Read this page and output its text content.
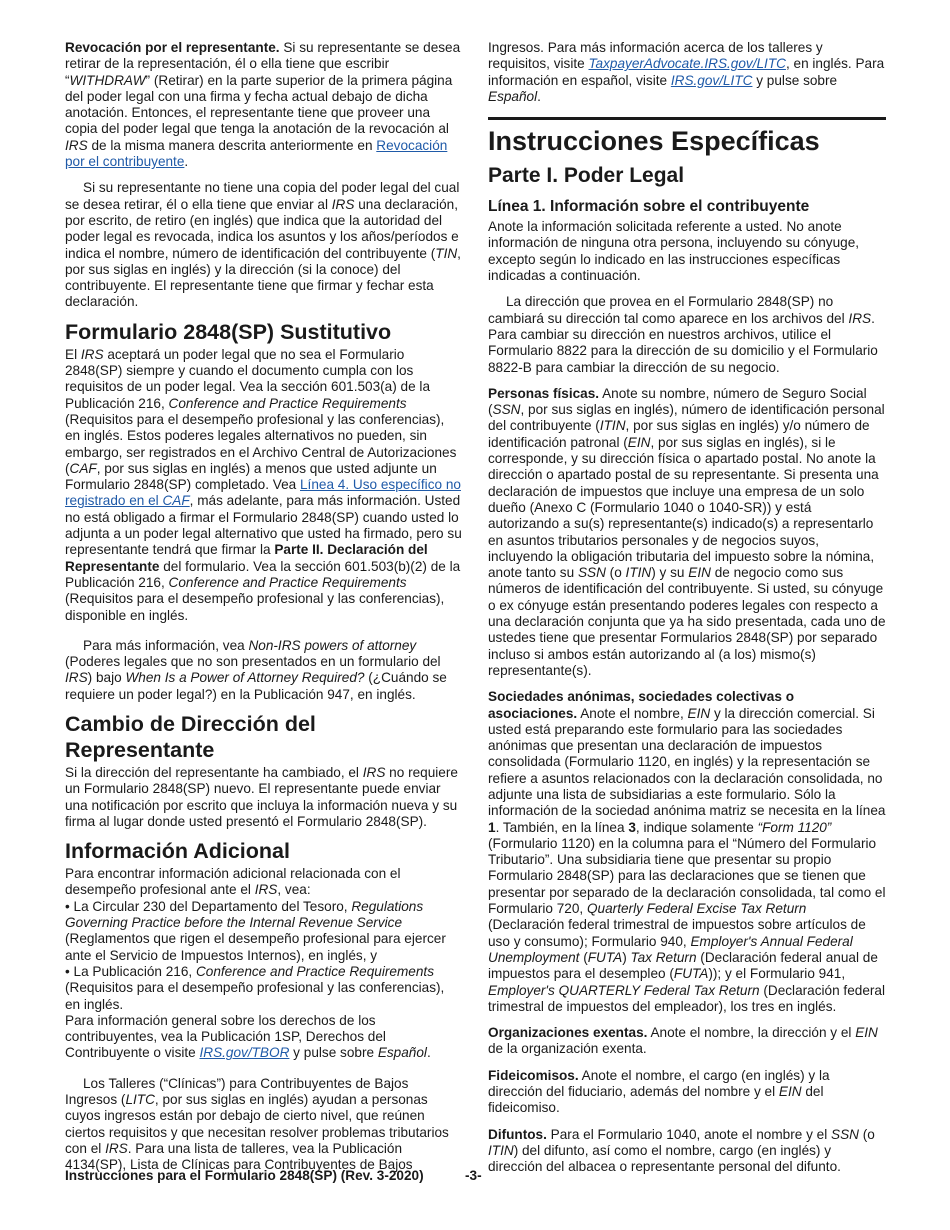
Revocación por el representante. Si su representante se desea retirar de la representación, él o ella tiene que escribir “WITHDRAW” (Retirar) en la parte superior de la primera página del poder legal con una firma y fecha actual debajo de dicha anotación. Entonces, el representante tiene que proveer una copia del poder legal que tenga la anotación de la revocación al IRS de la misma manera descrita anteriormente en Revocación por el contribuyente.

Si su representante no tiene una copia del poder legal del cual se desea retirar, él o ella tiene que enviar al IRS una declaración, por escrito, de retiro (en inglés) que indica que la autoridad del poder legal es revocada, indica los asuntos y los años/períodos e indica el nombre, número de identificación del contribuyente (TIN, por sus siglas en inglés) y la dirección (si la conoce) del contribuyente. El representante tiene que firmar y fechar esta declaración.

Formulario 2848(SP) Sustitutivo

El IRS aceptará un poder legal que no sea el Formulario 2848(SP) siempre y cuando el documento cumpla con los requisitos de un poder legal. Vea la sección 601.503(a) de la Publicación 216, Conference and Practice Requirements (Requisitos para el desempeño profesional y las conferencias), en inglés. Estos poderes legales alternativos no pueden, sin embargo, ser registrados en el Archivo Central de Autorizaciones (CAF, por sus siglas en inglés) a menos que usted adjunte un Formulario 2848(SP) completado. Vea Línea 4. Uso específico no registrado en el CAF, más adelante, para más información. Usted no está obligado a firmar el Formulario 2848(SP) cuando usted lo adjunta a un poder legal alternativo que usted ha firmado, pero su representante tendrá que firmar la Parte II. Declaración del Representante del formulario. Vea la sección 601.503(b)(2) de la Publicación 216, Conference and Practice Requirements (Requisitos para el desempeño profesional y las conferencias), disponible en inglés.

Para más información, vea Non-IRS powers of attorney (Poderes legales que no son presentados en un formulario del IRS) bajo When Is a Power of Attorney Required? (¿Cuándo se requiere un poder legal?) en la Publicación 947, en inglés.

Cambio de Dirección del Representante

Si la dirección del representante ha cambiado, el IRS no requiere un Formulario 2848(SP) nuevo. El representante puede enviar una notificación por escrito que incluya la información nueva y su firma al lugar donde usted presentó el Formulario 2848(SP).

Información Adicional

Para encontrar información adicional relacionada con el desempeño profesional ante el IRS, vea:

• La Circular 230 del Departamento del Tesoro, Regulations Governing Practice before the Internal Revenue Service (Reglamentos que rigen el desempeño profesional para ejercer ante el Servicio de Impuestos Internos), en inglés, y

• La Publicación 216, Conference and Practice Requirements (Requisitos para el desempeño profesional y las conferencias), en inglés.

Para información general sobre los derechos de los contribuyentes, vea la Publicación 1SP, Derechos del Contribuyente o visite IRS.gov/TBOR y pulse sobre Español.

Los Talleres (“Clínicas”) para Contribuyentes de Bajos Ingresos (LITC, por sus siglas en inglés) ayudan a personas cuyos ingresos están por debajo de cierto nivel, que reúnen ciertos requisitos y que necesitan resolver problemas tributarios con el IRS. Para una lista de talleres, vea la Publicación 4134(SP), Lista de Clínicas para Contribuyentes de Bajos

Ingresos. Para más información acerca de los talleres y requisitos, visite TaxpayerAdvocate.IRS.gov/LITC, en inglés. Para información en español, visite IRS.gov/LITC y pulse sobre Español.

Instrucciones Específicas
Parte I. Poder Legal
Línea 1. Información sobre el contribuyente

Anote la información solicitada referente a usted. No anote información de ninguna otra persona, incluyendo su cónyuge, excepto según lo indicado en las instrucciones específicas indicadas a continuación.

La dirección que provea en el Formulario 2848(SP) no cambiará su dirección tal como aparece en los archivos del IRS. Para cambiar su dirección en nuestros archivos, utilice el Formulario 8822 para la dirección de su domicilio y el Formulario 8822-B para cambiar la dirección de su negocio.

Personas físicas. Anote su nombre, número de Seguro Social (SSN, por sus siglas en inglés), número de identificación personal del contribuyente (ITIN, por sus siglas en inglés) y/o número de identificación patronal (EIN, por sus siglas en inglés), si le corresponde, y su dirección física o apartado postal. No anote la dirección o apartado postal de su representante. Si presenta una declaración de impuestos que incluye una empresa de un solo dueño (Anexo C (Formulario 1040 o 1040-SR)) y está autorizando a su(s) representante(s) indicado(s) a representarlo en asuntos tributarios personales y de negocios suyos, incluyendo la obligación tributaria del impuesto sobre la nómina, anote tanto su SSN (o ITIN) y su EIN de negocio como sus números de identificación del contribuyente. Si usted, su cónyuge o ex cónyuge están presentando poderes legales con respecto a una declaración conjunta que ya ha sido presentada, cada uno de ustedes tiene que presentar Formularios 2848(SP) por separado incluso si ambos están autorizando al (a los) mismo(s) representante(s).

Sociedades anónimas, sociedades colectivas o asociaciones. Anote el nombre, EIN y la dirección comercial. Si usted está preparando este formulario para las sociedades anónimas que presentan una declaración de impuestos consolidada (Formulario 1120, en inglés) y la representación se refiere a asuntos relacionados con la declaración consolidada, no adjunte una lista de subsidiarias a este formulario. Sólo la información de la sociedad anónima matriz se necesita en la línea 1. También, en la línea 3, indique solamente “Form 1120” (Formulario 1120) en la columna para el “Número del Formulario Tributario”. Una subsidiaria tiene que presentar su propio Formulario 2848(SP) para las declaraciones que se tienen que presentar por separado de la declaración consolidada, tal como el Formulario 720, Quarterly Federal Excise Tax Return (Declaración federal trimestral de impuestos sobre artículos de uso y consumo); Formulario 940, Employer's Annual Federal Unemployment (FUTA) Tax Return (Declaración federal anual de impuestos para el desempleo (FUTA)); y el Formulario 941, Employer's QUARTERLY Federal Tax Return (Declaración federal trimestral de impuestos del empleador), los tres en inglés.

Organizaciones exentas. Anote el nombre, la dirección y el EIN de la organización exenta.

Fideicomisos. Anote el nombre, el cargo (en inglés) y la dirección del fiduciario, además del nombre y el EIN del fideicomiso.

Difuntos. Para el Formulario 1040, anote el nombre y el SSN (o ITIN) del difunto, así como el nombre, cargo (en inglés) y dirección del albacea o representante personal del difunto.

Instrucciones para el Formulario 2848(SP) (Rev. 3-2020)	-3-
